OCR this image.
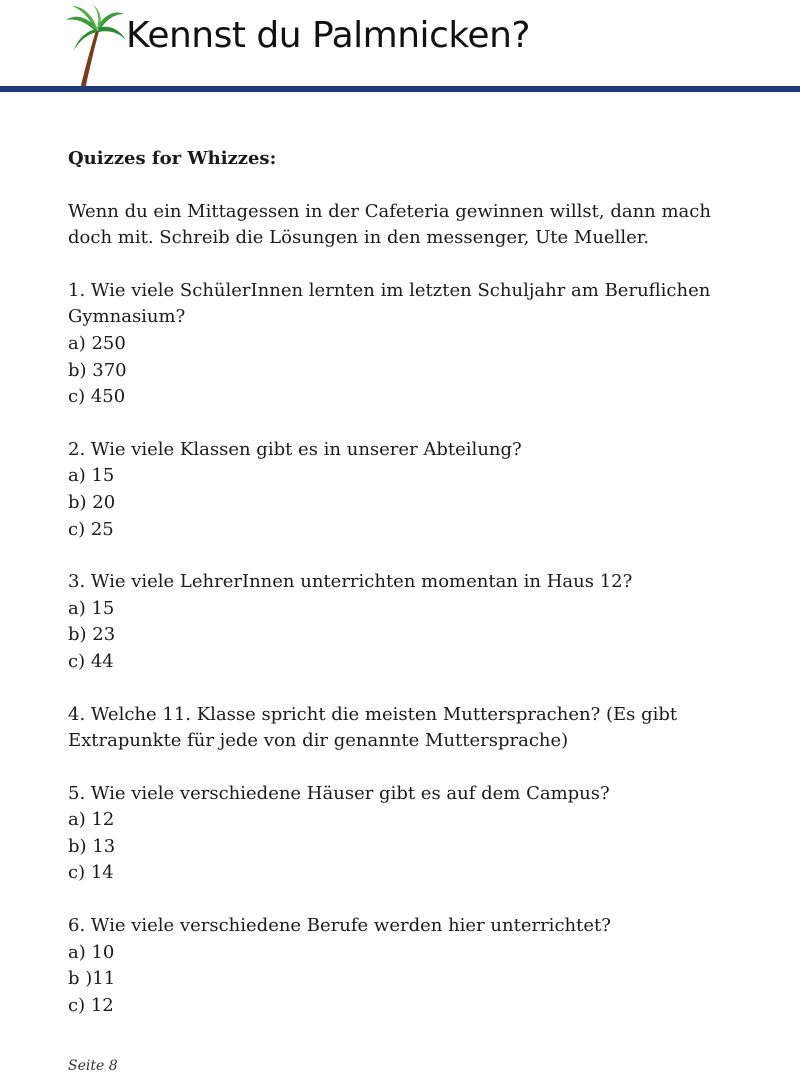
Kennst du Palmnicken?

Quizzes for Whizzes:

Wenn du ein Mittagessen in der Cafeteria gewinnen willst, dann mach doch mit. Schreib die Lösungen in den messenger, Ute Mueller.

1. Wie viele SchülerInnen lernten im letzten Schuljahr am Beruflichen Gymnasium?

a) 250

b) 370

c) 450

2. Wie viele Klassen gibt es in unserer Abteilung?

a) 15

b) 20

c) 25

3. Wie viele LehrerInnen unterrichten momentan in Haus 12?

a) 15

b) 23

c) 44

4. Welche 11. Klasse spricht die meisten Muttersprachen? (Es gibt Extrapunkte für jede von dir genannte Muttersprache)

5. Wie viele verschiedene Häuser gibt es auf dem Campus?

a) 12

b) 13

c) 14

6. Wie viele verschiedene Berufe werden hier unterrichtet?

a) 10

b )11

c) 12

Seite 8
